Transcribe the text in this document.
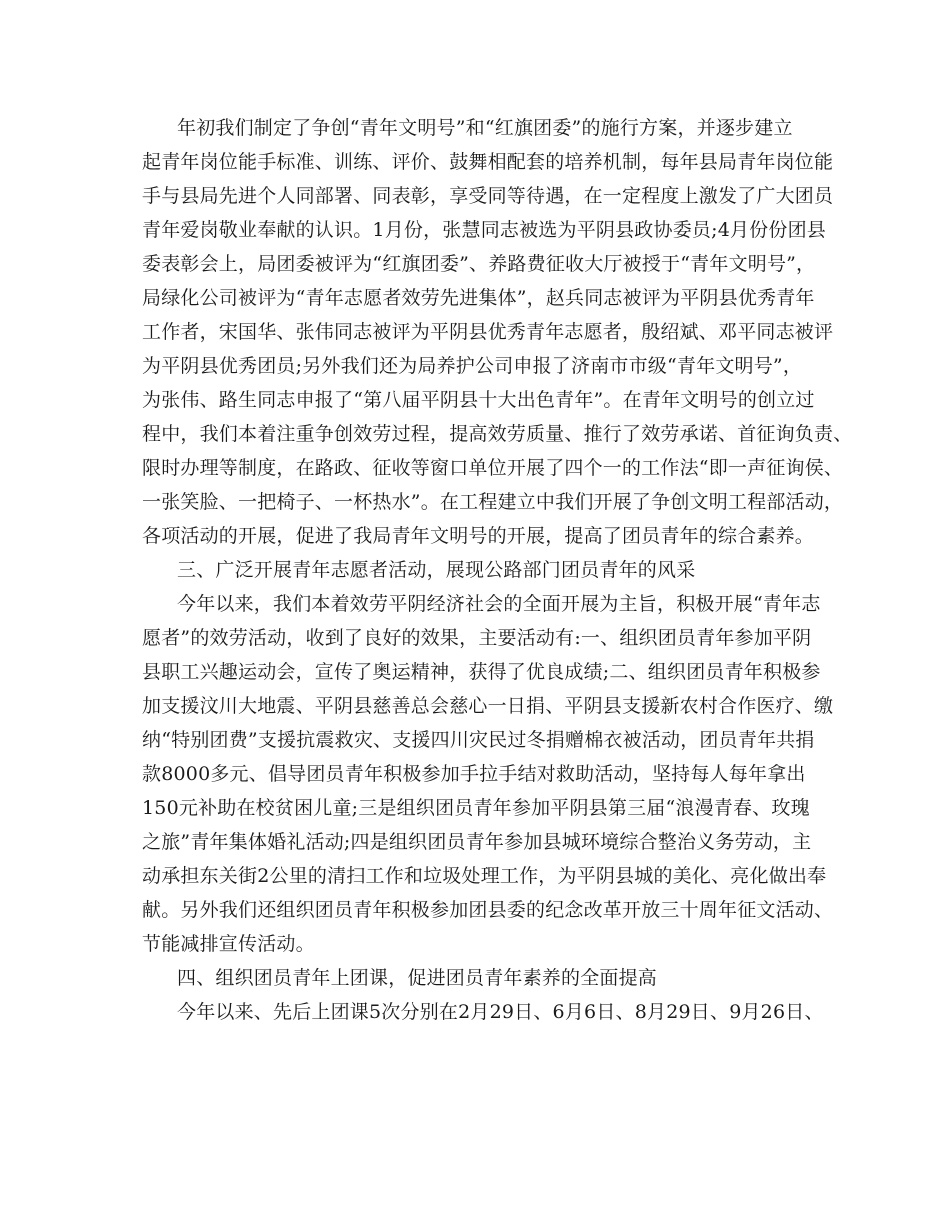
年初我们制定了争创“青年文明号”和“红旗团委”的施行方案，并逐步建立
起青年岗位能手标准、训练、评价、鼓舞相配套的培养机制，每年县局青年岗位能
手与县局先进个人同部署、同表彰，享受同等待遇，在一定程度上激发了广大团员
青年爱岗敬业奉献的认识。1月份，张慧同志被选为平阴县政协委员;4月份份团县
委表彰会上，局团委被评为“红旗团委”、养路费征收大厅被授于“青年文明号”，
局绿化公司被评为“青年志愿者效劳先进集体”，赵兵同志被评为平阴县优秀青年
工作者，宋国华、张伟同志被评为平阴县优秀青年志愿者，殷绍斌、邓平同志被评
为平阴县优秀团员;另外我们还为局养护公司申报了济南市市级“青年文明号”，
为张伟、路生同志申报了“第八届平阴县十大出色青年”。在青年文明号的创立过
程中，我们本着注重争创效劳过程，提高效劳质量、推行了效劳承诺、首征询负责、
限时办理等制度，在路政、征收等窗口单位开展了四个一的工作法“即一声征询侯、
一张笑脸、一把椅子、一杯热水”。在工程建立中我们开展了争创文明工程部活动，
各项活动的开展，促进了我局青年文明号的开展，提高了团员青年的综合素养。
三、广泛开展青年志愿者活动，展现公路部门团员青年的风采
今年以来，我们本着效劳平阴经济社会的全面开展为主旨，积极开展“青年志
愿者”的效劳活动，收到了良好的效果，主要活动有:一、组织团员青年参加平阴
县职工兴趣运动会，宣传了奥运精神，获得了优良成绩;二、组织团员青年积极参
加支援汶川大地震、平阴县慈善总会慈心一日捐、平阴县支援新农村合作医疗、缴
纳“特别团费”支援抗震救灾、支援四川灾民过冬捐赠棉衣被活动，团员青年共捐
款8000多元、倡导团员青年积极参加手拉手结对救助活动，坚持每人每年拿出
150元补助在校贫困儿童;三是组织团员青年参加平阴县第三届“浪漫青春、玫瑰
之旅”青年集体婚礼活动;四是组织团员青年参加县城环境综合整治义务劳动，主
动承担东关街2公里的清扫工作和垃圾处理工作，为平阴县城的美化、亮化做出奉
献。另外我们还组织团员青年积极参加团县委的纪念改革开放三十周年征文活动、
节能减排宣传活动。
四、组织团员青年上团课，促进团员青年素养的全面提高
今年以来、先后上团课5次分别在2月29日、6月6日、8月29日、9月26日、
